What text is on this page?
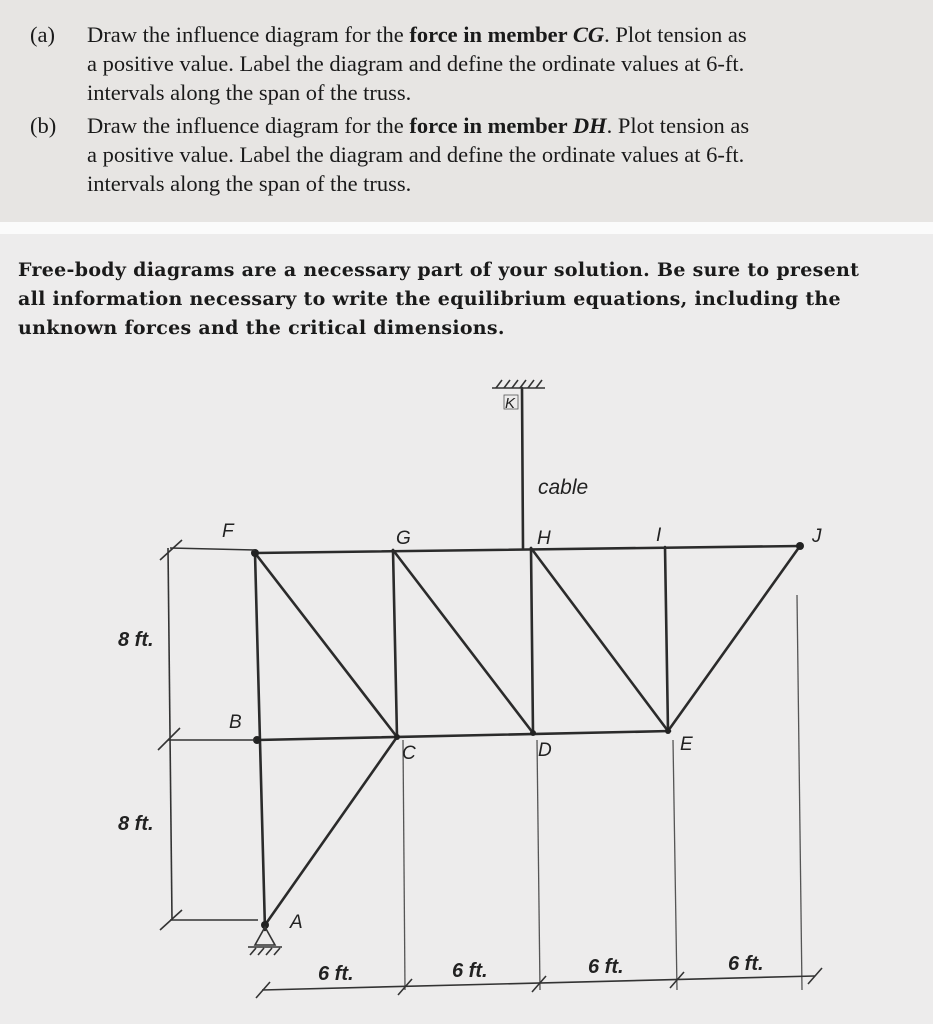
(a) Draw the influence diagram for the force in member CG. Plot tension as
a positive value. Label the diagram and define the ordinate values at 6-ft.
intervals along the span of the truss.
(b) Draw the influence diagram for the force in member DH. Plot tension as
a positive value. Label the diagram and define the ordinate values at 6-ft.
intervals along the span of the truss.
Free-body diagrams are a necessary part of your solution. Be sure to present
all information necessary to write the equilibrium equations, including the
unknown forces and the critical dimensions.
F	G	H	I	J
B
C	D	E
A
K
cable
8 ft.
8 ft.
6 ft.	6 ft.	6 ft.	6 ft.
